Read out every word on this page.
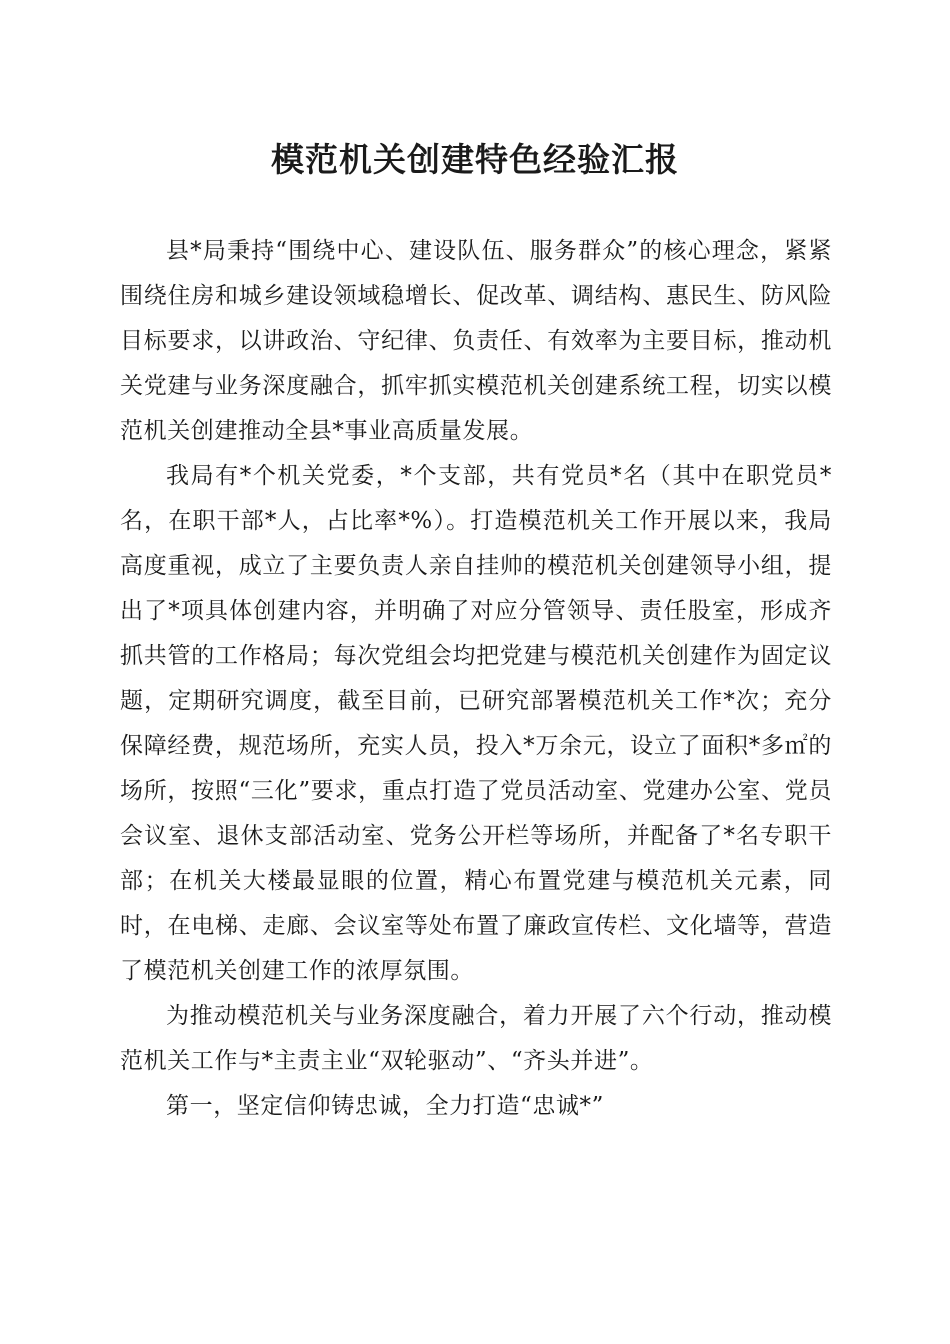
模范机关创建特色经验汇报

县*局秉持“围绕中心、建设队伍、服务群众”的核心理念，紧紧围绕住房和城乡建设领域稳增长、促改革、调结构、惠民生、防风险目标要求，以讲政治、守纪律、负责任、有效率为主要目标，推动机关党建与业务深度融合，抓牢抓实模范机关创建系统工程，切实以模范机关创建推动全县*事业高质量发展。

我局有*个机关党委，*个支部，共有党员*名（其中在职党员*名，在职干部*人，占比率*%）。打造模范机关工作开展以来，我局高度重视，成立了主要负责人亲自挂帅的模范机关创建领导小组，提出了*项具体创建内容，并明确了对应分管领导、责任股室，形成齐抓共管的工作格局；每次党组会均把党建与模范机关创建作为固定议题，定期研究调度，截至目前，已研究部署模范机关工作*次；充分保障经费，规范场所，充实人员，投入*万余元，设立了面积*多㎡的场所，按照“三化”要求，重点打造了党员活动室、党建办公室、党员会议室、退休支部活动室、党务公开栏等场所，并配备了*名专职干部；在机关大楼最显眼的位置，精心布置党建与模范机关元素，同时，在电梯、走廊、会议室等处布置了廉政宣传栏、文化墙等，营造了模范机关创建工作的浓厚氛围。

为推动模范机关与业务深度融合，着力开展了六个行动，推动模范机关工作与*主责主业“双轮驱动”、“齐头并进”。

第一，坚定信仰铸忠诚，全力打造“忠诚*”
